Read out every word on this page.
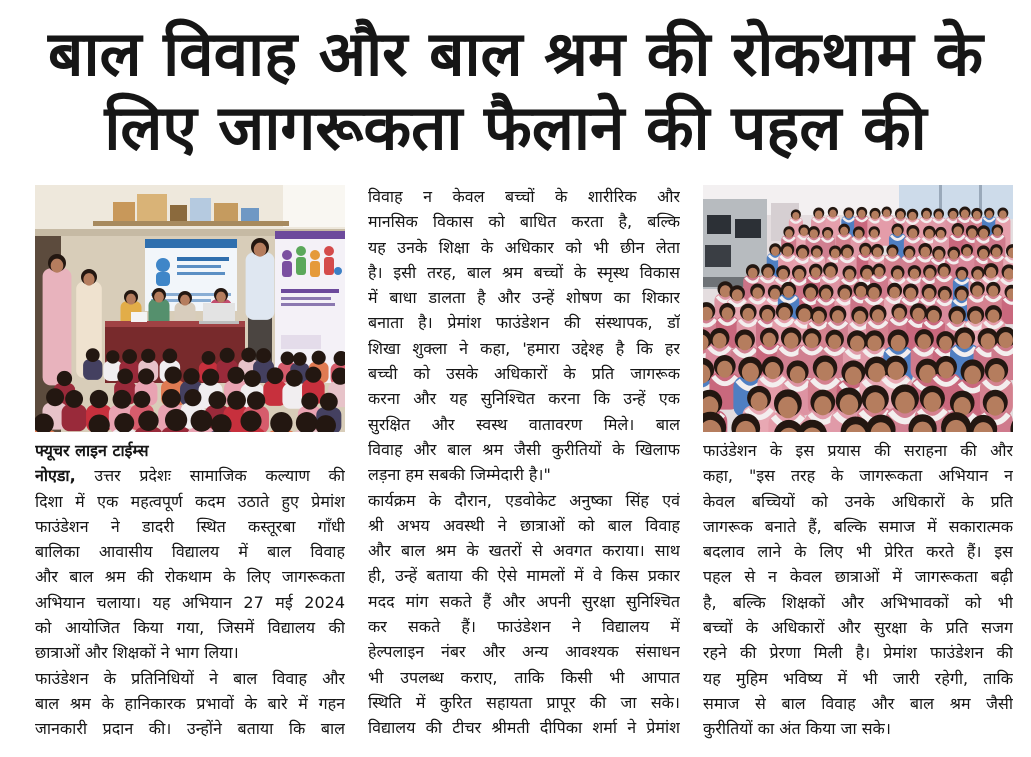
बाल विवाह और बाल श्रम की रोकथाम के
लिए जागरूकता फैलाने की पहल की
फ्यूचर लाइन टाईम्स
नोएडा, उत्तर प्रदेशः सामाजिक कल्याण की
दिशा में एक महत्वपूर्ण कदम उठाते हुए प्रेमांश
फाउंडेशन ने डादरी स्थित कस्तूरबा गाँधी
बालिका आवासीय विद्यालय में बाल विवाह
और बाल श्रम की रोकथाम के लिए जागरूकता
अभियान चलाया। यह अभियान 27 मई 2024
को आयोजित किया गया, जिसमें विद्यालय की
छात्राओं और शिक्षकों ने भाग लिया।
फाउंडेशन के प्रतिनिधियों ने बाल विवाह और
बाल श्रम के हानिकारक प्रभावों के बारे में गहन
जानकारी प्रदान की। उन्होंने बताया कि बाल
विवाह न केवल बच्चों के शारीरिक और
मानसिक विकास को बाधित करता है, बल्कि
यह उनके शिक्षा के अधिकार को भी छीन लेता
है। इसी तरह, बाल श्रम बच्चों के स्मृस्थ विकास
में बाधा डालता है और उन्हें शोषण का शिकार
बनाता है। प्रेमांश फाउंडेशन की संस्थापक, डॉ
शिखा शुक्ला ने कहा, 'हमारा उद्देश्ह है कि हर
बच्ची को उसके अधिकारों के प्रति जागरूक
करना और यह सुनिश्चित करना कि उन्हें एक
सुरक्षित और स्वस्थ वातावरण मिले। बाल
विवाह और बाल श्रम जैसी कुरीतियों के खिलाफ
लड़ना हम सबकी जिम्मेदारी है।"
कार्यक्रम के दौरान, एडवोकेट अनुष्का सिंह एवं
श्री अभय अवस्थी ने छात्राओं को बाल विवाह
और बाल श्रम के खतरों से अवगत कराया। साथ
ही, उन्हें बताया की ऐसे मामलों में वे किस प्रकार
मदद मांग सकते हैं और अपनी सुरक्षा सुनिश्चित
कर सकते हैं। फाउंडेशन ने विद्यालय में
हेल्पलाइन नंबर और अन्य आवश्यक संसाधन
भी उपलब्ध कराए, ताकि किसी भी आपात
स्थिति में कुरित सहायता प्रापूर की जा सके।
विद्यालय की टीचर श्रीमती दीपिका शर्मा ने प्रेमांश
फाउंडेशन के इस प्रयास की सराहना की और
कहा, "इस तरह के जागरूकता अभियान न
केवल बच्चियों को उनके अधिकारों के प्रति
जागरूक बनाते हैं, बल्कि समाज में सकारात्मक
बदलाव लाने के लिए भी प्रेरित करते हैं। इस
पहल से न केवल छात्राओं में जागरूकता बढ़ी
है, बल्कि शिक्षकों और अभिभावकों को भी
बच्चों के अधिकारों और सुरक्षा के प्रति सजग
रहने की प्रेरणा मिली है। प्रेमांश फाउंडेशन की
यह मुहिम भविष्य में भी जारी रहेगी, ताकि
समाज से बाल विवाह और बाल श्रम जैसी
कुरीतियों का अंत किया जा सके।
